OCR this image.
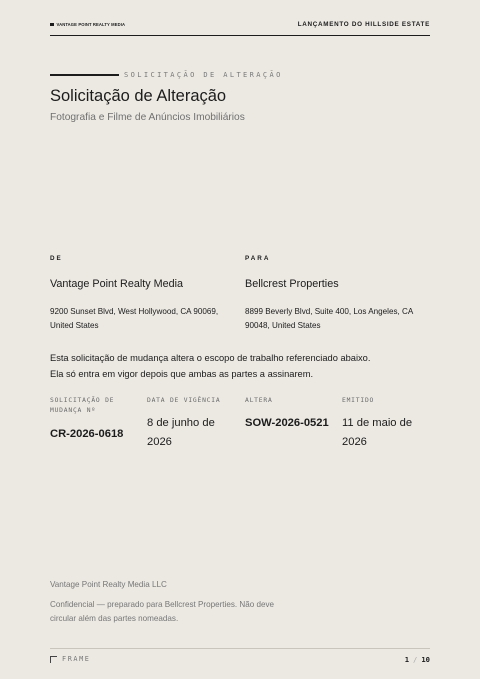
VANTAGE POINT REALTY MEDIA	LANÇAMENTO DO HILLSIDE ESTATE
SOLICITAÇÃO DE ALTERAÇÃO
Solicitação de Alteração
Fotografia e Filme de Anúncios Imobiliários
DE
Vantage Point Realty Media
9200 Sunset Blvd, West Hollywood, CA 90069, United States
PARA
Bellcrest Properties
8899 Beverly Blvd, Suite 400, Los Angeles, CA 90048, United States
Esta solicitação de mudança altera o escopo de trabalho referenciado abaixo.
Ela só entra em vigor depois que ambas as partes a assinarem.
SOLICITAÇÃO DE MUDANÇA Nº
CR-2026-0618
DATA DE VIGÊNCIA
8 de junho de 2026
ALTERA
SOW-2026-0521
EMITIDO
11 de maio de 2026
Vantage Point Realty Media LLC
Confidencial — preparado para Bellcrest Properties. Não deve circular além das partes nomeadas.
FRAME	1 / 10
